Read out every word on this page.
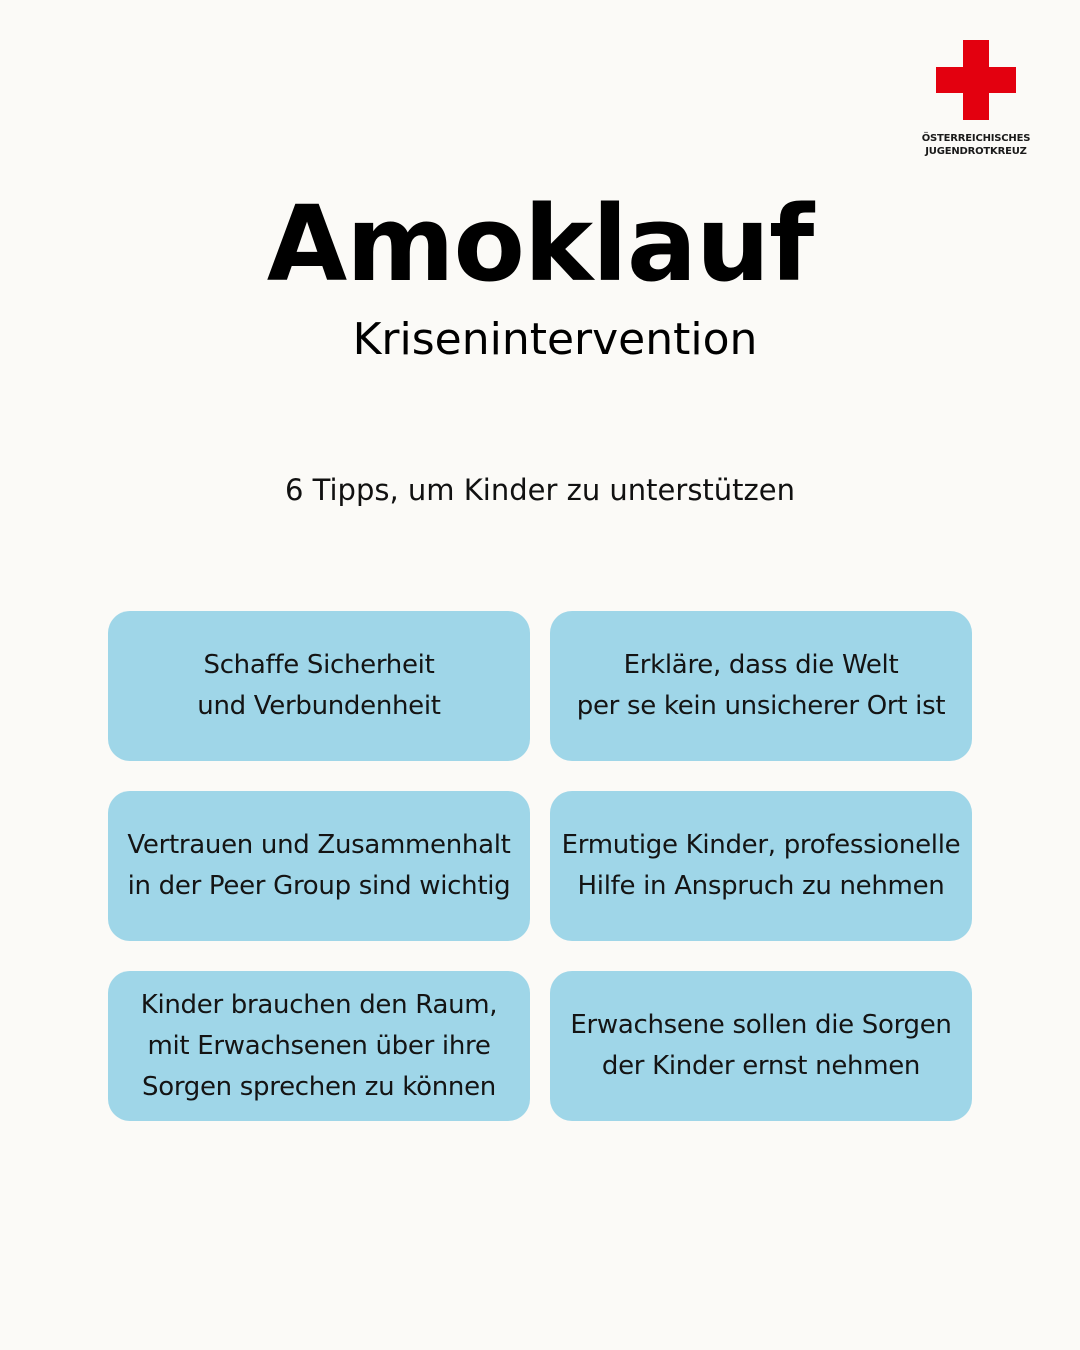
ÖSTERREICHISCHES
JUGENDROTKREUZ
Amoklauf
Krisenintervention
6 Tipps, um Kinder zu unterstützen
Schaffe Sicherheit
und Verbundenheit
Erkläre, dass die Welt
per se kein unsicherer Ort ist
Vertrauen und Zusammenhalt
in der Peer Group sind wichtig
Ermutige Kinder, professionelle
Hilfe in Anspruch zu nehmen
Kinder brauchen den Raum,
mit Erwachsenen über ihre
Sorgen sprechen zu können
Erwachsene sollen die Sorgen
der Kinder ernst nehmen
